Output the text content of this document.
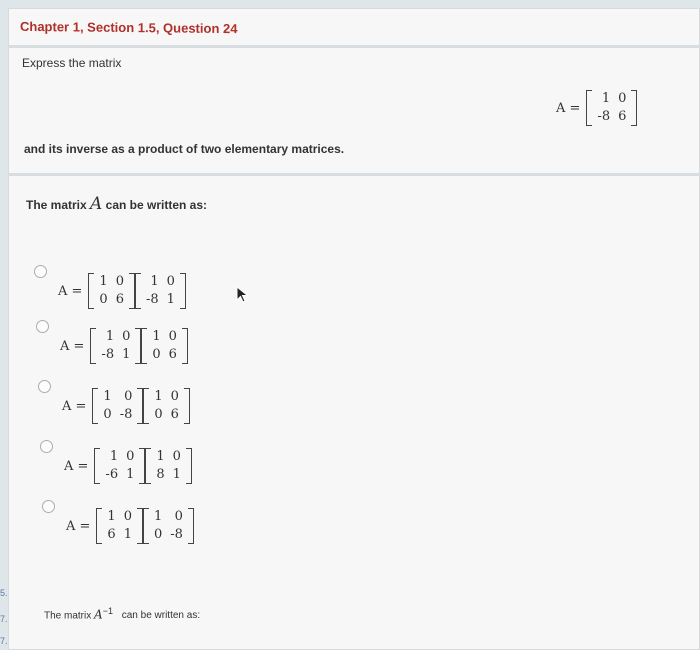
Chapter 1, Section 1.5, Question 24
Express the matrix
A =
1	0
-8	6
and its inverse as a product of two elementary matrices.
The matrix A can be written as:
A =
1	0
0	6
1	0
-8	1
A =
1	0
-8	1
1	0
0	6
A =
1	0
0	-8
1	0
0	6
A =
1	0
-6	1
1	0
8	1
A =
1	0
6	1
1	0
0	-8
The matrix $A^{-1}$ can be written as:
5.
7.
7.
